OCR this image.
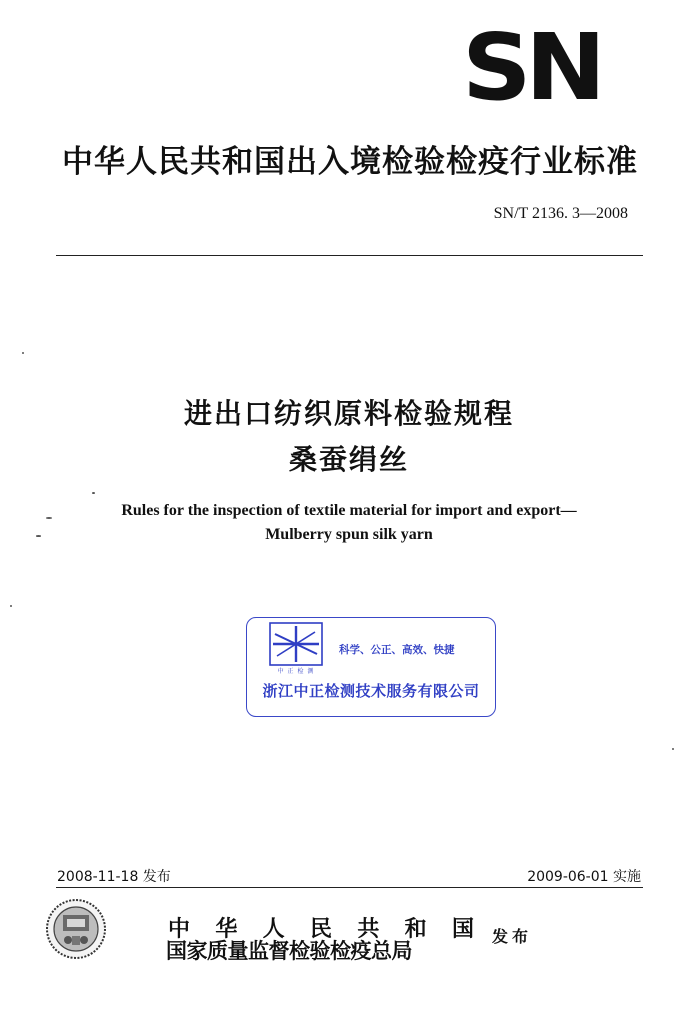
SN
中华人民共和国出入境检验检疫行业标准
SN/T 2136. 3—2008
进出口纺织原料检验规程
桑蚕绢丝
Rules for the inspection of textile material for import and export—
Mulberry spun silk yarn
中 正 检 测
科学、公正、高效、快捷
浙江中正检测技术服务有限公司
2008-11-18 发布	2009-06-01 实施
中 华 人 民 共 和 国
国家质量监督检验检疫总局
发布
